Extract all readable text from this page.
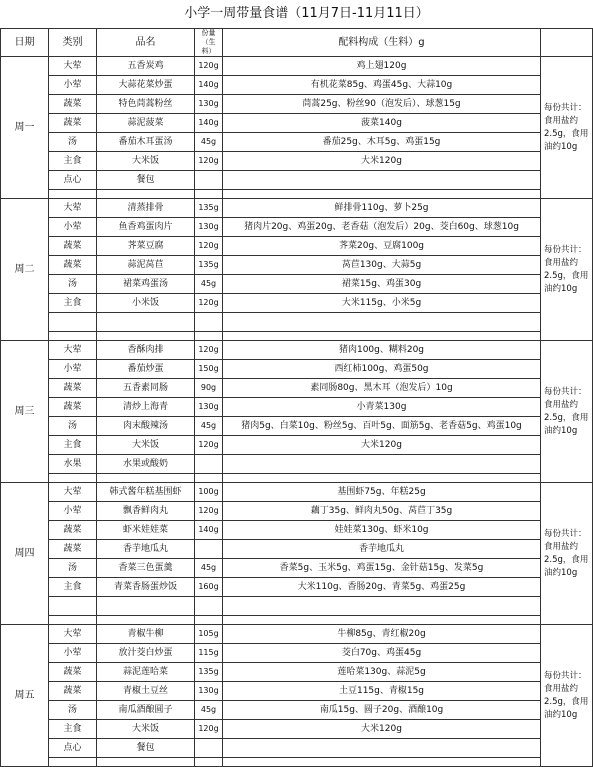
小学一周带量食谱（11月7日-11月11日）
日期	类别	品名	份量（生料）	配料构成（生料）g	
周一	大荤	五香炭鸡	120g	鸡上翅120g	每份共计：食用盐约2.5g，食用油约10g
	小荤	大蒜花菜炒蛋	140g	有机花菜85g、鸡蛋45g、大蒜10g	
	蔬菜	特色茼蒿粉丝	130g	茼蒿25g、粉丝90（泡发后）、球葱15g	
	蔬菜	蒜泥菠菜	140g	菠菜140g	
	汤	番茄木耳蛋汤	45g	番茄25g、木耳5g、鸡蛋15g	
	主食	大米饭	120g	大米120g	
	点心	餐包			

周二	大荤	清蒸排骨	135g	鲜排骨110g、萝卜25g	每份共计：食用盐约2.5g，食用油约10g
	小荤	鱼香鸡蛋肉片	130g	猪肉片20g、鸡蛋20g、老香菇（泡发后）20g、茭白60g、球葱10g	
	蔬菜	荠菜豆腐	120g	荠菜20g、豆腐100g	
	蔬菜	蒜泥莴苣	135g	莴苣130g、大蒜5g	
	汤	裙菜鸡蛋汤	45g	裙菜15g、鸡蛋30g	
	主食	小米饭	120g	大米115g、小米5g	

周三	大荤	香酥肉排	120g	猪肉100g、糊料20g	每份共计：食用盐约2.5g，食用油约10g
	小荤	番茄炒蛋	150g	西红柿100g、鸡蛋50g	
	蔬菜	五香素同肠	90g	素同肠80g、黑木耳（泡发后）10g	
	蔬菜	清炒上海青	130g	小青菜130g	
	汤	肉末酸辣汤	45g	猪肉5g、白菜10g、粉丝5g、百叶5g、面筋5g、老香菇5g、鸡蛋10g	
	主食	大米饭	120g	大米120g	
	水果	水果或酸奶			

周四	大荤	韩式酱年糕基围虾	100g	基围虾75g、年糕25g	每份共计：食用盐约2.5g，食用油约10g
	小荤	飘香鲜肉丸	120g	藕丁35g、鲜肉丸50g、莴苣丁35g	
	蔬菜	虾米娃娃菜	140g	娃娃菜130g、虾米10g	
	蔬菜	香芋地瓜丸		香芋地瓜丸	
	汤	香菜三色蛋羹	45g	香菜5g、玉米5g、鸡蛋15g、金针菇15g、发菜5g	
	主食	青菜香肠蛋炒饭	160g	大米110g、香肠20g、青菜5g、鸡蛋25g	

周五	大荤	青椒牛柳	105g	牛柳85g、青红椒20g	每份共计：食用盐约2.5g，食用油约10g
	小荤	放汁茭白炒蛋	115g	茭白70g、鸡蛋45g	
	蔬菜	蒜泥莲哈菜	135g	莲哈菜130g、蒜泥5g	
	蔬菜	青椒土豆丝	130g	土豆115g、青椒15g	
	汤	南瓜酒酿圆子	45g	南瓜15g、圆子20g、酒酿10g	
	主食	大米饭	120g	大米120g	
	点心	餐包			
